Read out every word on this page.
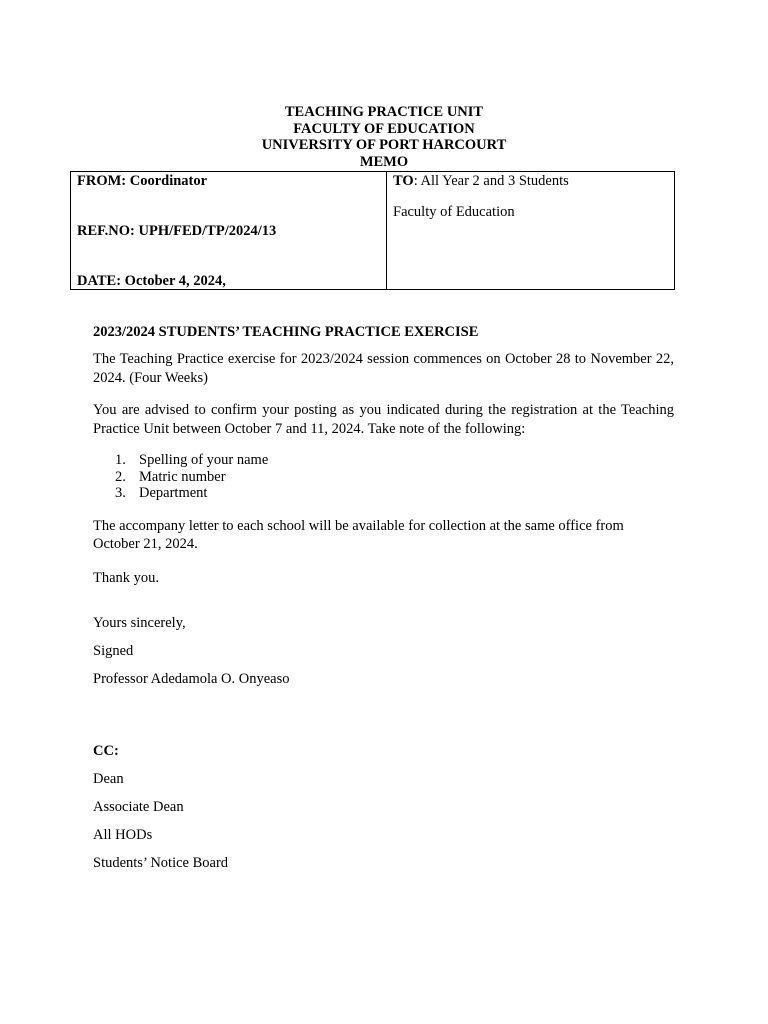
TEACHING PRACTICE UNIT
FACULTY OF EDUCATION
UNIVERSITY OF PORT HARCOURT
MEMO
FROM: Coordinator
REF.NO: UPH/FED/TP/2024/13
DATE: October 4, 2024,
TO: All Year 2 and 3 Students
Faculty of Education
2023/2024 STUDENTS’ TEACHING PRACTICE EXERCISE
The Teaching Practice exercise for 2023/2024 session commences on October 28 to November 22, 2024. (Four Weeks)
You are advised to confirm your posting as you indicated during the registration at the Teaching Practice Unit between October 7 and 11, 2024. Take note of the following:
1. Spelling of your name
2. Matric number
3. Department
The accompany letter to each school will be available for collection at the same office from October 21, 2024.
Thank you.
Yours sincerely,
Signed
Professor Adedamola O. Onyeaso
CC:
Dean
Associate Dean
All HODs
Students’ Notice Board
